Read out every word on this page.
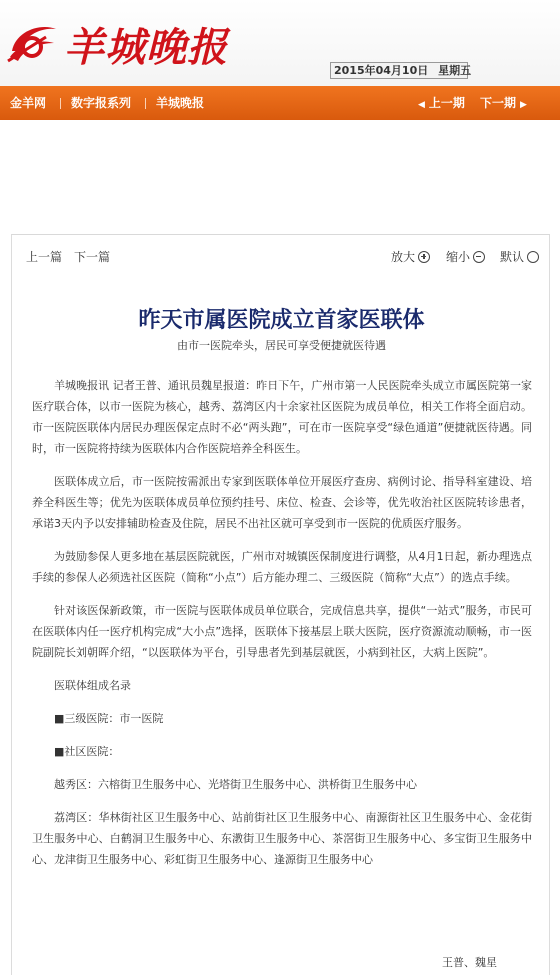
羊城晚报	2015年04月10日 星期五
金羊网 数字报系列 羊城晚报	◀ 上一期 下一期 ▶
上一篇 下一篇	放大	缩小 默认
昨天市属医院成立首家医联体
由市一医院牵头，居民可享受便捷就医待遇

羊城晚报讯 记者王普、通讯员魏星报道：昨日下午，广州市第一人民医院牵头成立市属医院第一家医疗联合体，以市一医院为核心，越秀、荔湾区内十余家社区医院为成员单位，相关工作将全面启动。市一医院医联体内居民办理医保定点时不必“两头跑”，可在市一医院享受“绿色通道”便捷就医待遇。同时，市一医院将持续为医联体内合作医院培养全科医生。

医联体成立后，市一医院按需派出专家到医联体单位开展医疗查房、病例讨论、指导科室建设、培养全科医生等；优先为医联体成员单位预约挂号、床位、检查、会诊等，优先收治社区医院转诊患者，承诺3天内予以安排辅助检查及住院，居民不出社区就可享受到市一医院的优质医疗服务。

为鼓励参保人更多地在基层医院就医，广州市对城镇医保制度进行调整，从4月1日起，新办理选点手续的参保人必须选社区医院（简称“小点”）后方能办理二、三级医院（简称“大点”）的选点手续。

针对该医保新政策，市一医院与医联体成员单位联合，完成信息共享，提供“一站式”服务，市民可在医联体内任一医疗机构完成“大小点”选择，医联体下接基层上联大医院，医疗资源流动顺畅，市一医院副院长刘朝晖介绍，“以医联体为平台，引导患者先到基层就医，小病到社区，大病上医院”。

医联体组成名录

■三级医院：市一医院

■社区医院：

越秀区：六榕街卫生服务中心、光塔街卫生服务中心、洪桥街卫生服务中心

荔湾区：华林街社区卫生服务中心、站前街社区卫生服务中心、南源街社区卫生服务中心、金花街卫生服务中心、白鹤洞卫生服务中心、东漖街卫生服务中心、茶滘街卫生服务中心、多宝街卫生服务中心、龙津街卫生服务中心、彩虹街卫生服务中心、逢源街卫生服务中心

王普、魏星
